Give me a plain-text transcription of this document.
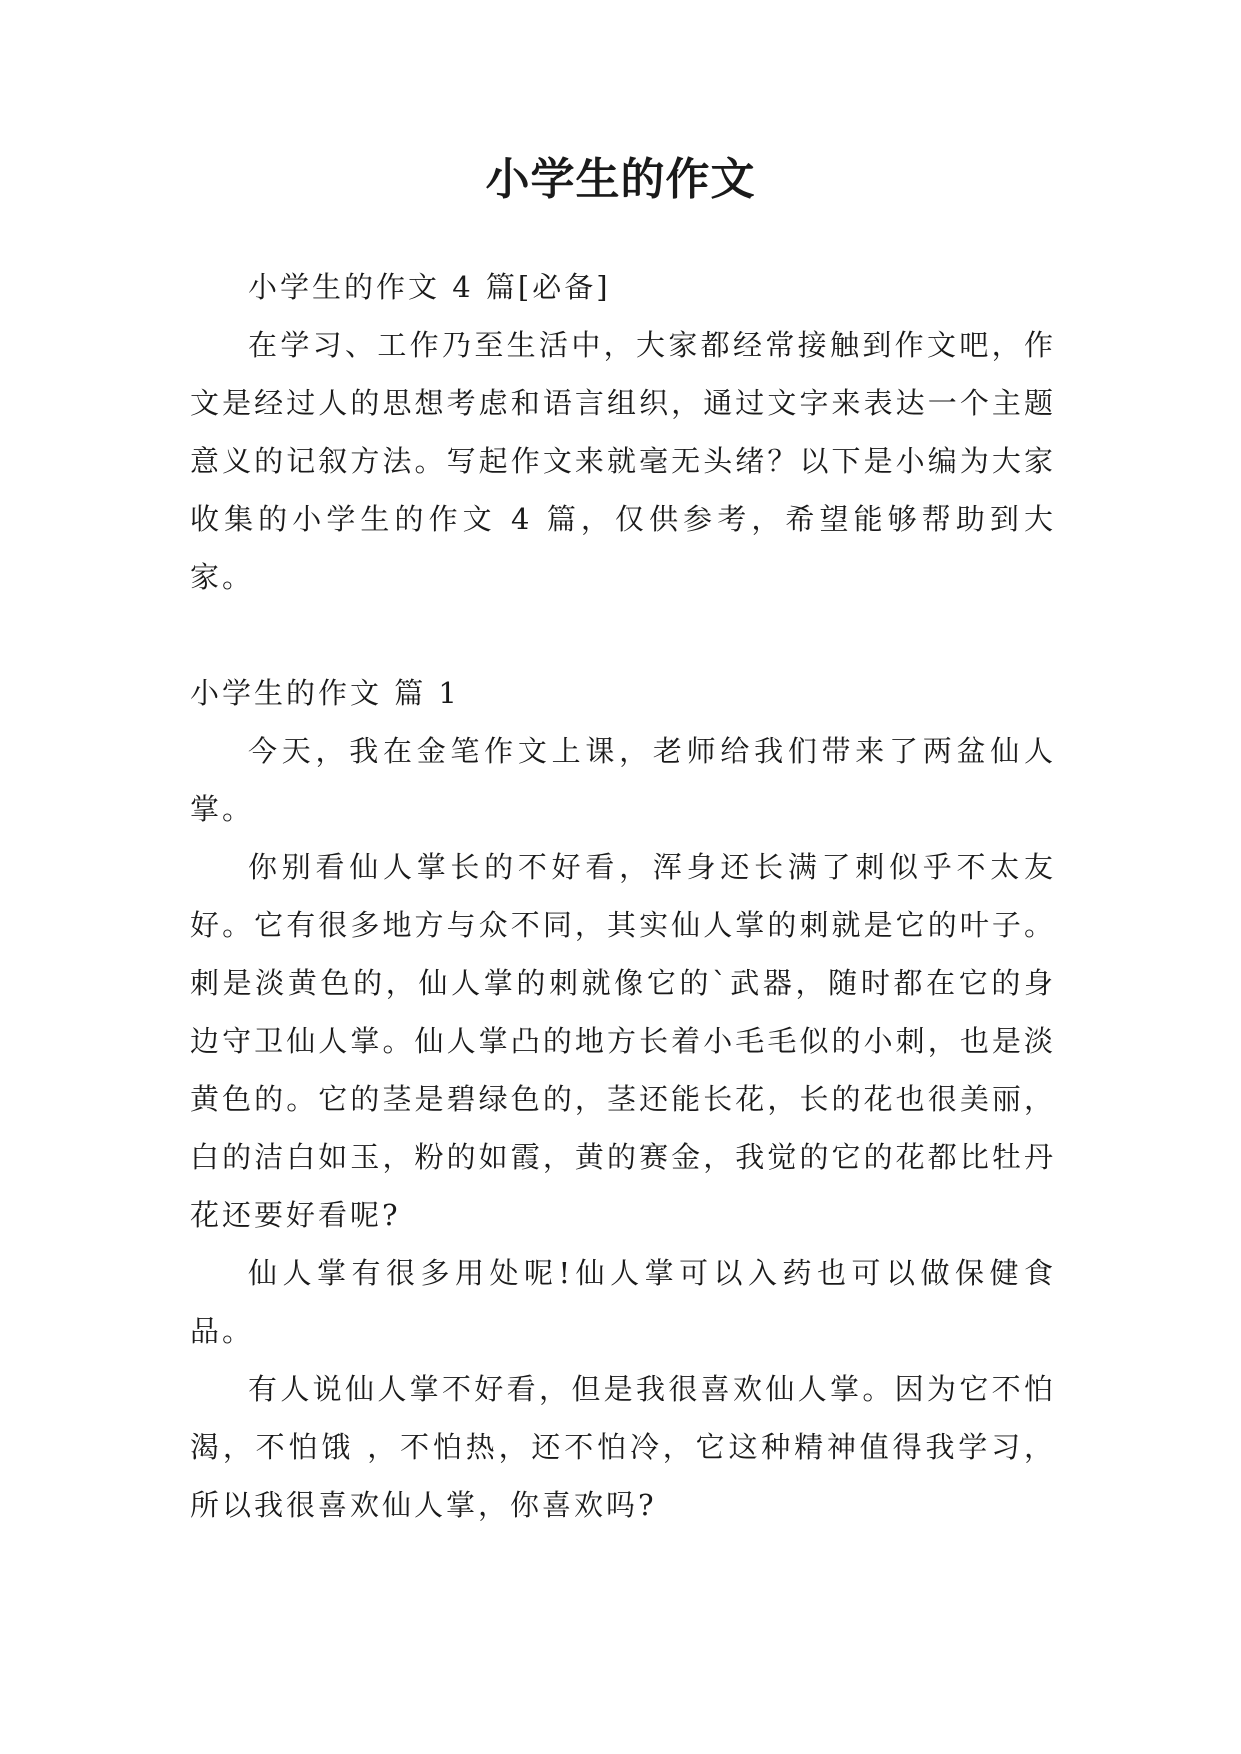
小学生的作文

小学生的作文 4 篇[必备]

在学习、工作乃至生活中，大家都经常接触到作文吧，作文是经过人的思想考虑和语言组织，通过文字来表达一个主题意义的记叙方法。写起作文来就毫无头绪？以下是小编为大家收集的小学生的作文 4 篇，仅供参考，希望能够帮助到大家。

小学生的作文 篇 1

今天，我在金笔作文上课，老师给我们带来了两盆仙人掌。

你别看仙人掌长的不好看，浑身还长满了刺似乎不太友好。它有很多地方与众不同，其实仙人掌的刺就是它的叶子。刺是淡黄色的，仙人掌的刺就像它的`武器，随时都在它的身边守卫仙人掌。仙人掌凸的地方长着小毛毛似的小刺，也是淡黄色的。它的茎是碧绿色的，茎还能长花，长的花也很美丽，白的洁白如玉，粉的如霞，黄的赛金，我觉的它的花都比牡丹花还要好看呢?

仙人掌有很多用处呢!仙人掌可以入药也可以做保健食品。

有人说仙人掌不好看，但是我很喜欢仙人掌。因为它不怕渴，不怕饿 ，不怕热，还不怕冷，它这种精神值得我学习，所以我很喜欢仙人掌，你喜欢吗?
